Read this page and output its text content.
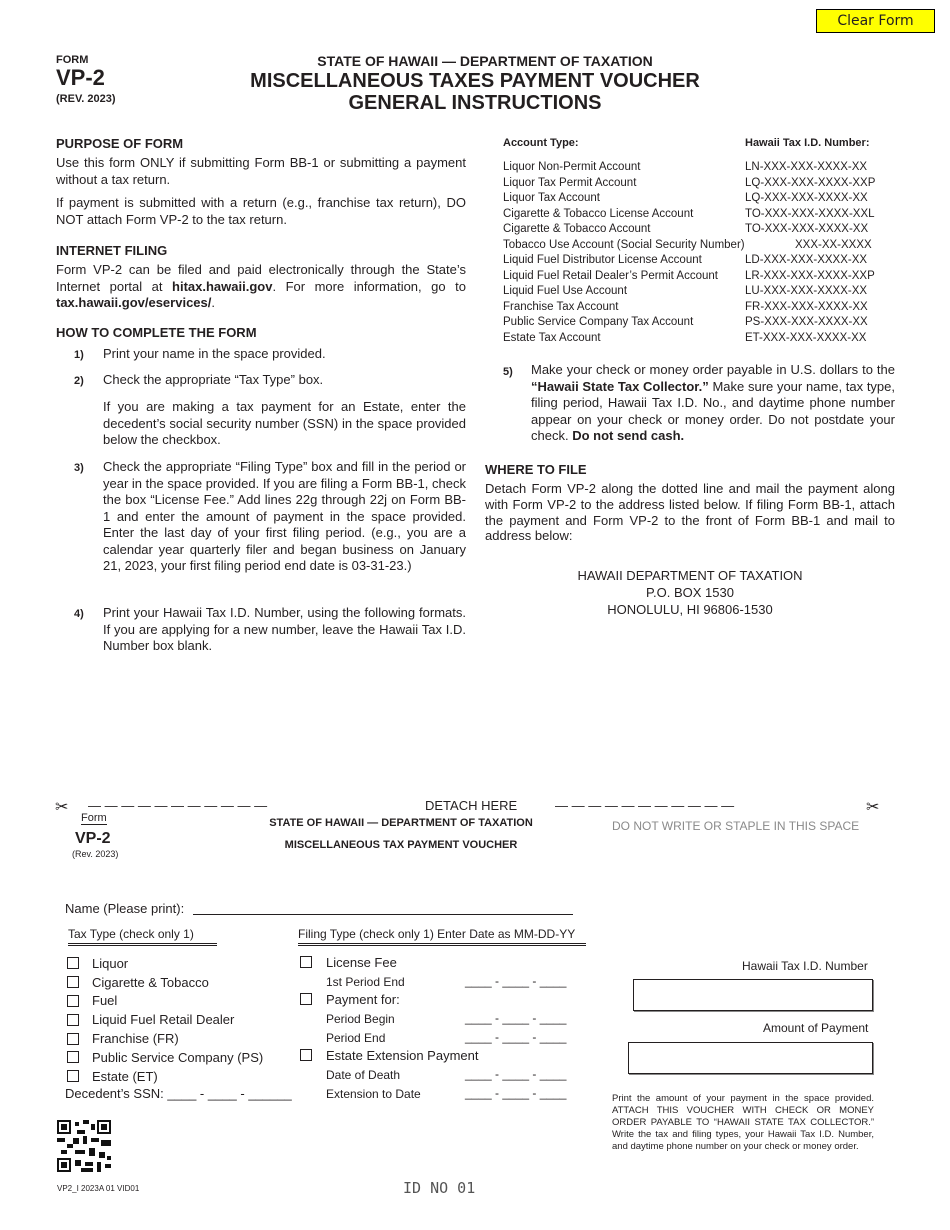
Clear Form
FORM
VP-2
(REV. 2023)
STATE OF HAWAII — DEPARTMENT OF TAXATION
MISCELLANEOUS TAXES PAYMENT VOUCHER
GENERAL INSTRUCTIONS
PURPOSE OF FORM
Use this form ONLY if submitting Form BB-1 or submitting a payment without a tax return.
If payment is submitted with a return (e.g., franchise tax return), DO NOT attach Form VP-2 to the tax return.
INTERNET FILING
Form VP-2 can be filed and paid electronically through the State’s Internet portal at hitax.hawaii.gov. For more information, go to tax.hawaii.gov/eservices/.
HOW TO COMPLETE THE FORM
1) Print your name in the space provided.
2) Check the appropriate “Tax Type” box.
If you are making a tax payment for an Estate, enter the decedent’s social security number (SSN) in the space provided below the checkbox.
3) Check the appropriate “Filing Type” box and fill in the period or year in the space provided. If you are filing a Form BB-1, check the box “License Fee.” Add lines 22g through 22j on Form BB-1 and enter the amount of payment in the space provided. Enter the last day of your first filing period. (e.g., you are a calendar year quarterly filer and began business on January 21, 2023, your first filing period end date is 03-31-23.)
4) Print your Hawaii Tax I.D. Number, using the following formats. If you are applying for a new number, leave the Hawaii Tax I.D. Number box blank.
Account Type:	Hawaii Tax I.D. Number:
Liquor Non-Permit Account	LN-XXX-XXX-XXXX-XX
Liquor Tax Permit Account	LQ-XXX-XXX-XXXX-XXP
Liquor Tax Account	LQ-XXX-XXX-XXXX-XX
Cigarette & Tobacco License Account	TO-XXX-XXX-XXXX-XXL
Cigarette & Tobacco Account	TO-XXX-XXX-XXXX-XX
Tobacco Use Account (Social Security Number)	XXX-XX-XXXX
Liquid Fuel Distributor License Account	LD-XXX-XXX-XXXX-XX
Liquid Fuel Retail Dealer’s Permit Account LR-XXX-XXX-XXXX-XXP
Liquid Fuel Use Account	LU-XXX-XXX-XXXX-XX
Franchise Tax Account	FR-XXX-XXX-XXXX-XX
Public Service Company Tax Account	PS-XXX-XXX-XXXX-XX
Estate Tax Account	ET-XXX-XXX-XXXX-XX
5) Make your check or money order payable in U.S. dollars to the “Hawaii State Tax Collector.” Make sure your name, tax type, filing period, Hawaii Tax I.D. No., and daytime phone number appear on your check or money order. Do not postdate your check. Do not send cash.
WHERE TO FILE
Detach Form VP-2 along the dotted line and mail the payment along with Form VP-2 to the address listed below. If filing Form BB-1, attach the payment and Form VP-2 to the front of Form BB-1 and mail to address below:
HAWAII DEPARTMENT OF TAXATION
P.O. BOX 1530
HONOLULU, HI 96806-1530
✂ — — — — — — — — — — —	DETACH HERE	— — — — — — — — — — —	✂
Form
VP-2
(Rev. 2023)
STATE OF HAWAII — DEPARTMENT OF TAXATION
MISCELLANEOUS TAX PAYMENT VOUCHER
DO NOT WRITE OR STAPLE IN THIS SPACE
Name (Please print):
Tax Type (check only 1)
Liquor
Cigarette & Tobacco
Fuel
Liquid Fuel Retail Dealer
Franchise (FR)
Public Service Company (PS)
Estate (ET)
Decedent’s SSN: ____ - ____ - ______
Filing Type (check only 1) Enter Date as MM-DD-YY
License Fee
1st Period End	____ - ____ - ____
Payment for:
Period Begin	____ - ____ - ____
Period End	____ - ____ - ____
Estate Extension Payment
Date of Death	____ - ____ - ____
Extension to Date	____ - ____ - ____
Hawaii Tax I.D. Number
Amount of Payment
Print the amount of your payment in the space provided. ATTACH THIS VOUCHER WITH CHECK OR MONEY ORDER PAYABLE TO “HAWAII STATE TAX COLLECTOR.” Write the tax and filing types, your Hawaii Tax I.D. Number, and daytime phone number on your check or money order.
VP2_I 2023A 01 VID01	ID NO 01
